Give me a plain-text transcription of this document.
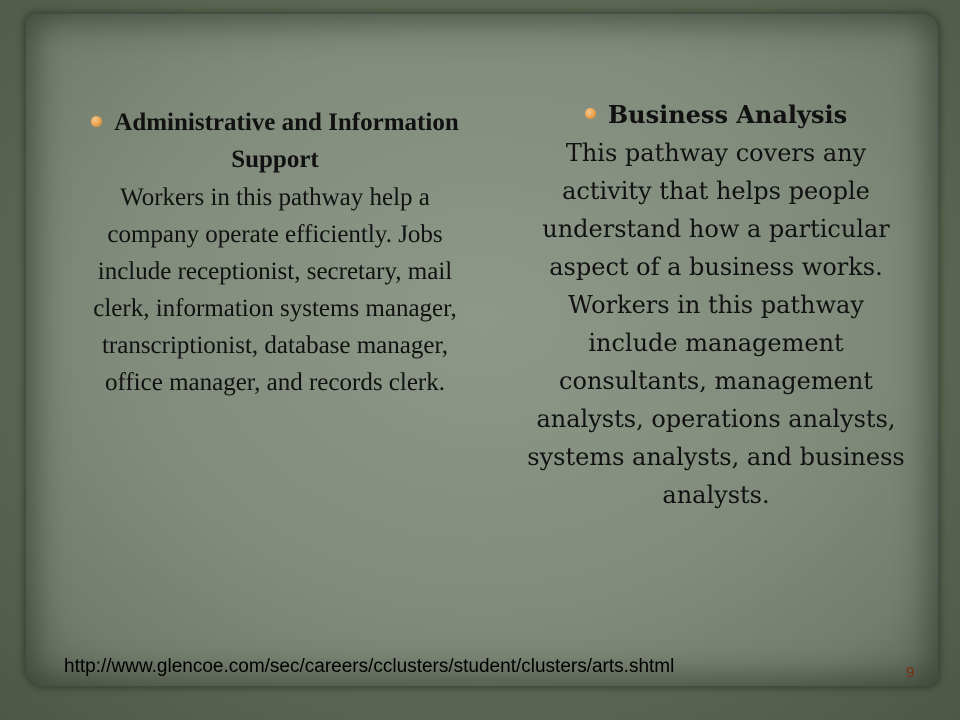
Administrative and Information Support
Workers in this pathway help a company operate efficiently. Jobs include receptionist, secretary, mail clerk, information systems manager, transcriptionist, database manager, office manager, and records clerk.
Business Analysis
This pathway covers any activity that helps people understand how a particular aspect of a business works. Workers in this pathway include management consultants, management analysts, operations analysts, systems analysts, and business analysts.
http://www.glencoe.com/sec/careers/cclusters/student/clusters/arts.shtml	9
